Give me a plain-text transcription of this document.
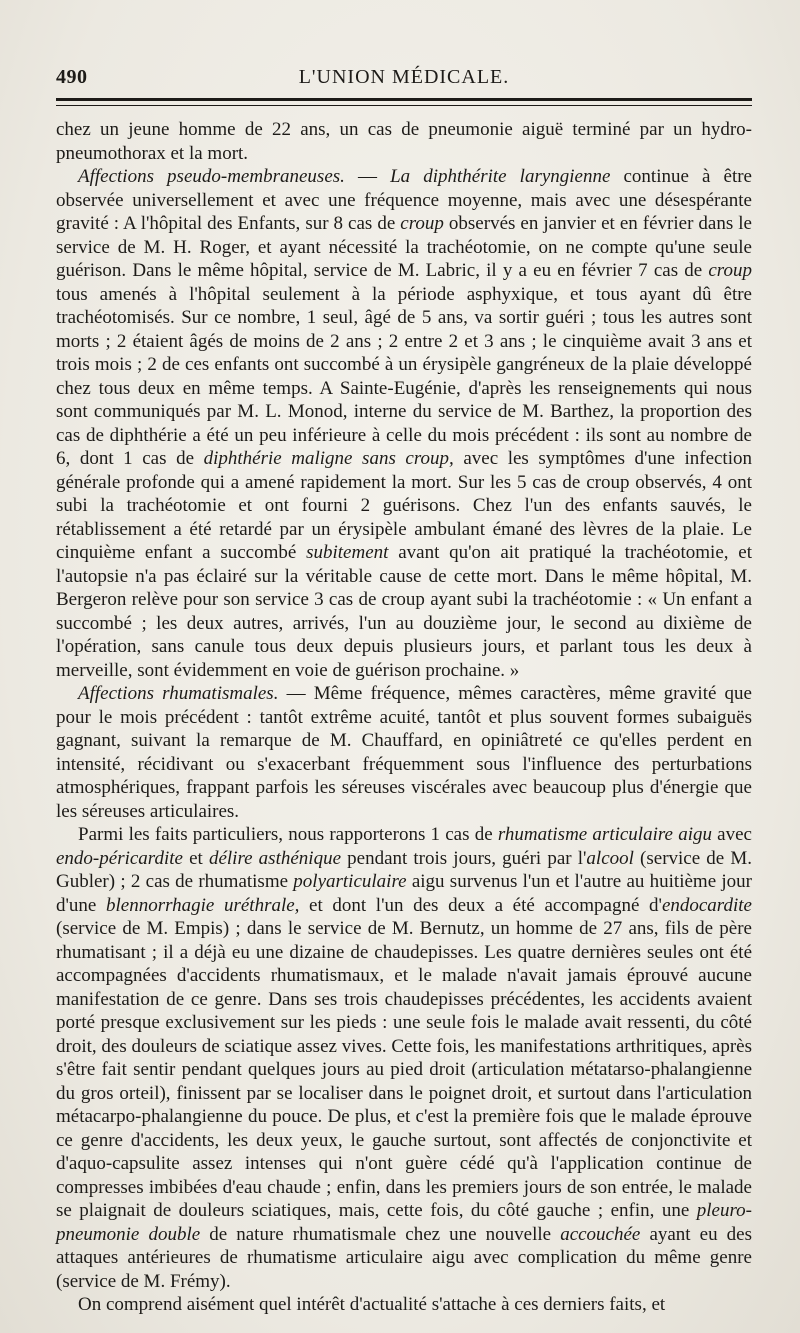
490	L'UNION MÉDICALE.

chez un jeune homme de 22 ans, un cas de pneumonie aiguë terminé par un hydro-pneumothorax et la mort.

Affections pseudo-membraneuses. — La diphthérite laryngienne continue à être observée universellement et avec une fréquence moyenne, mais avec une désespérante gravité : A l'hôpital des Enfants, sur 8 cas de croup observés en janvier et en février dans le service de M. H. Roger, et ayant nécessité la trachéotomie, on ne compte qu'une seule guérison. Dans le même hôpital, service de M. Labric, il y a eu en février 7 cas de croup tous amenés à l'hôpital seulement à la période asphyxique, et tous ayant dû être trachéotomisés. Sur ce nombre, 1 seul, âgé de 5 ans, va sortir guéri ; tous les autres sont morts ; 2 étaient âgés de moins de 2 ans ; 2 entre 2 et 3 ans ; le cinquième avait 3 ans et trois mois ; 2 de ces enfants ont succombé à un érysipèle gangréneux de la plaie développé chez tous deux en même temps. A Sainte-Eugénie, d'après les renseignements qui nous sont communiqués par M. L. Monod, interne du service de M. Barthez, la proportion des cas de diphthérie a été un peu inférieure à celle du mois précédent : ils sont au nombre de 6, dont 1 cas de diphthérie maligne sans croup, avec les symptômes d'une infection générale profonde qui a amené rapidement la mort. Sur les 5 cas de croup observés, 4 ont subi la trachéotomie et ont fourni 2 guérisons. Chez l'un des enfants sauvés, le rétablissement a été retardé par un érysipèle ambulant émané des lèvres de la plaie. Le cinquième enfant a succombé subitement avant qu'on ait pratiqué la trachéotomie, et l'autopsie n'a pas éclairé sur la véritable cause de cette mort. Dans le même hôpital, M. Bergeron relève pour son service 3 cas de croup ayant subi la trachéotomie : « Un enfant a succombé ; les deux autres, arrivés, l'un au douzième jour, le second au dixième de l'opération, sans canule tous deux depuis plusieurs jours, et parlant tous les deux à merveille, sont évidemment en voie de guérison prochaine. »

Affections rhumatismales. — Même fréquence, mêmes caractères, même gravité que pour le mois précédent : tantôt extrême acuité, tantôt et plus souvent formes subaiguës gagnant, suivant la remarque de M. Chauffard, en opiniâtreté ce qu'elles perdent en intensité, récidivant ou s'exacerbant fréquemment sous l'influence des perturbations atmosphériques, frappant parfois les séreuses viscérales avec beaucoup plus d'énergie que les séreuses articulaires.

Parmi les faits particuliers, nous rapporterons 1 cas de rhumatisme articulaire aigu avec endo-péricardite et délire asthénique pendant trois jours, guéri par l'alcool (service de M. Gubler) ; 2 cas de rhumatisme polyarticulaire aigu survenus l'un et l'autre au huitième jour d'une blennorrhagie uréthrale, et dont l'un des deux a été accompagné d'endocardite (service de M. Empis) ; dans le service de M. Bernutz, un homme de 27 ans, fils de père rhumatisant ; il a déjà eu une dizaine de chaudepisses. Les quatre dernières seules ont été accompagnées d'accidents rhumatismaux, et le malade n'avait jamais éprouvé aucune manifestation de ce genre. Dans ses trois chaudepisses précédentes, les accidents avaient porté presque exclusivement sur les pieds : une seule fois le malade avait ressenti, du côté droit, des douleurs de sciatique assez vives. Cette fois, les manifestations arthritiques, après s'être fait sentir pendant quelques jours au pied droit (articulation métatarso-phalangienne du gros orteil), finissent par se localiser dans le poignet droit, et surtout dans l'articulation métacarpo-phalangienne du pouce. De plus, et c'est la première fois que le malade éprouve ce genre d'accidents, les deux yeux, le gauche surtout, sont affectés de conjonctivite et d'aquo-capsulite assez intenses qui n'ont guère cédé qu'à l'application continue de compresses imbibées d'eau chaude ; enfin, dans les premiers jours de son entrée, le malade se plaignait de douleurs sciatiques, mais, cette fois, du côté gauche ; enfin, une pleuro-pneumonie double de nature rhumatismale chez une nouvelle accouchée ayant eu des attaques antérieures de rhumatisme articulaire aigu avec complication du même genre (service de M. Frémy).

On comprend aisément quel intérêt d'actualité s'attache à ces derniers faits, et
